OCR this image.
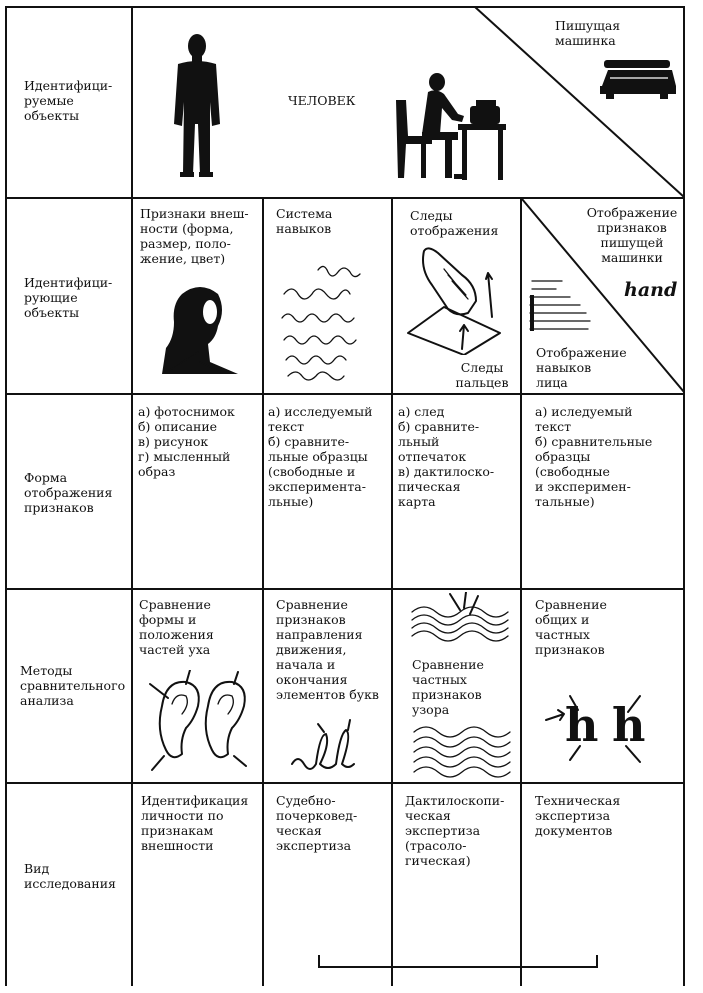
Идентифици-
руемые
объекты
ЧЕЛОВЕК
Пишущая
машинка
Идентифици-
рующие
объекты
Признаки внеш-
ности (форма,
размер, поло-
жение, цвет)
Система
навыков
Следы
отображения
Следы
пальцев
Отображение
признаков
пишущей
машинки
Отображение
навыков
лица
hand
Форма
отображения
признаков
а) фотоснимок
б) описание
в) рисунок
г) мысленный
образ
а) исследуемый
текст
б) сравните-
льные образцы
(свободные и
эксперимента-
льные)
а) след
б) сравните-
льный
отпечаток
в) дактилоско-
пическая
карта
а) иследуемый
текст
б) сравнительные
образцы
(свободные
и эксперимен-
тальные)
Методы
сравнительного
анализа
Сравнение
формы и
положения
частей уха
Сравнение
признаков
направления
движения,
начала и
окончания
элементов букв
Сравнение
частных
признаков
узора
Сравнение
общих и
частных
признаков
h h
Вид
исследования
Идентификация
личности по
признакам
внешности
Судебно-
почерковед-
ческая
экспертиза
Дактилоскопи-
ческая
экспертиза
(трасоло-
гическая)
Техническая
экспертиза
документов
